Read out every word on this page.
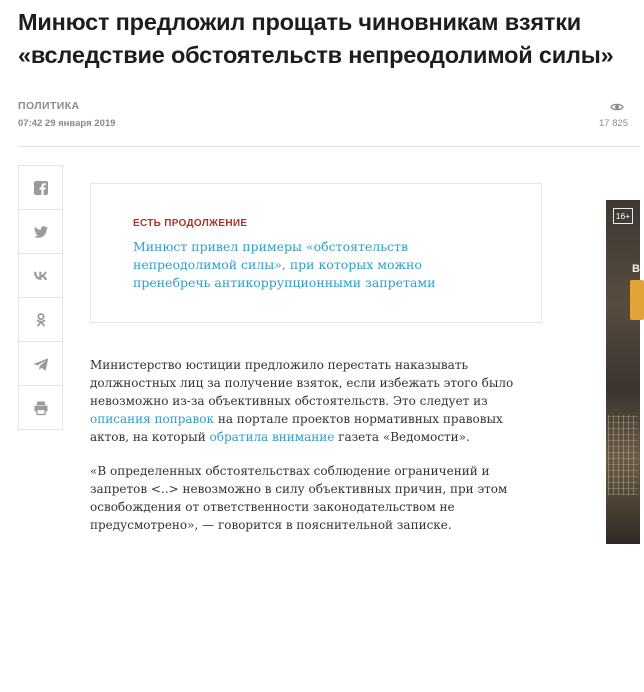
Минюст предложил прощать чиновникам взятки
«вследствие обстоятельств непреодолимой силы»
ПОЛИТИКА
07:42 29 января 2019	17 825
ЕСТЬ ПРОДОЛЖЕНИЕ
Минюст привел примеры «обстоятельств непреодолимой силы», при которых можно пренебречь антикоррупционными запретами

Министерство юстиции предложило перестать наказывать должностных лиц за получение взяток, если избежать этого было невозможно из-за объективных обстоятельств. Это следует из описания поправок на портале проектов нормативных правовых актов, на который обратила внимание газета «Ведомости».

«В определенных обстоятельствах соблюдение ограничений и запретов <..> невозможно в силу объективных причин, при этом освобождения от ответственности законодательством не предусмотрено», — говорится в пояснительной записке.

16+
В
1
